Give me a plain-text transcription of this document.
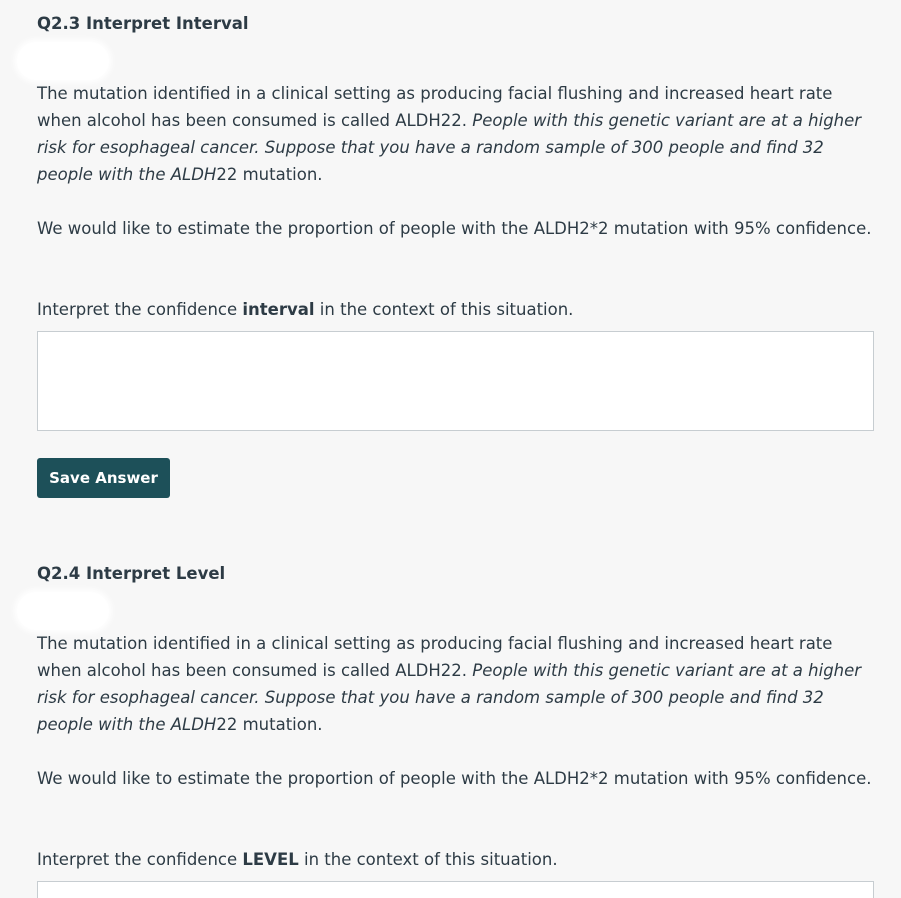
Q2.3 Interpret Interval

The mutation identified in a clinical setting as producing facial flushing and increased heart rate when alcohol has been consumed is called ALDH22. People with this genetic variant are at a higher risk for esophageal cancer. Suppose that you have a random sample of 300 people and find 32 people with the ALDH22 mutation.

We would like to estimate the proportion of people with the ALDH2*2 mutation with 95% confidence.

Interpret the confidence interval in the context of this situation.

Save Answer
Q2.4 Interpret Level

The mutation identified in a clinical setting as producing facial flushing and increased heart rate when alcohol has been consumed is called ALDH22. People with this genetic variant are at a higher risk for esophageal cancer. Suppose that you have a random sample of 300 people and find 32 people with the ALDH22 mutation.

We would like to estimate the proportion of people with the ALDH2*2 mutation with 95% confidence.

Interpret the confidence LEVEL in the context of this situation.
